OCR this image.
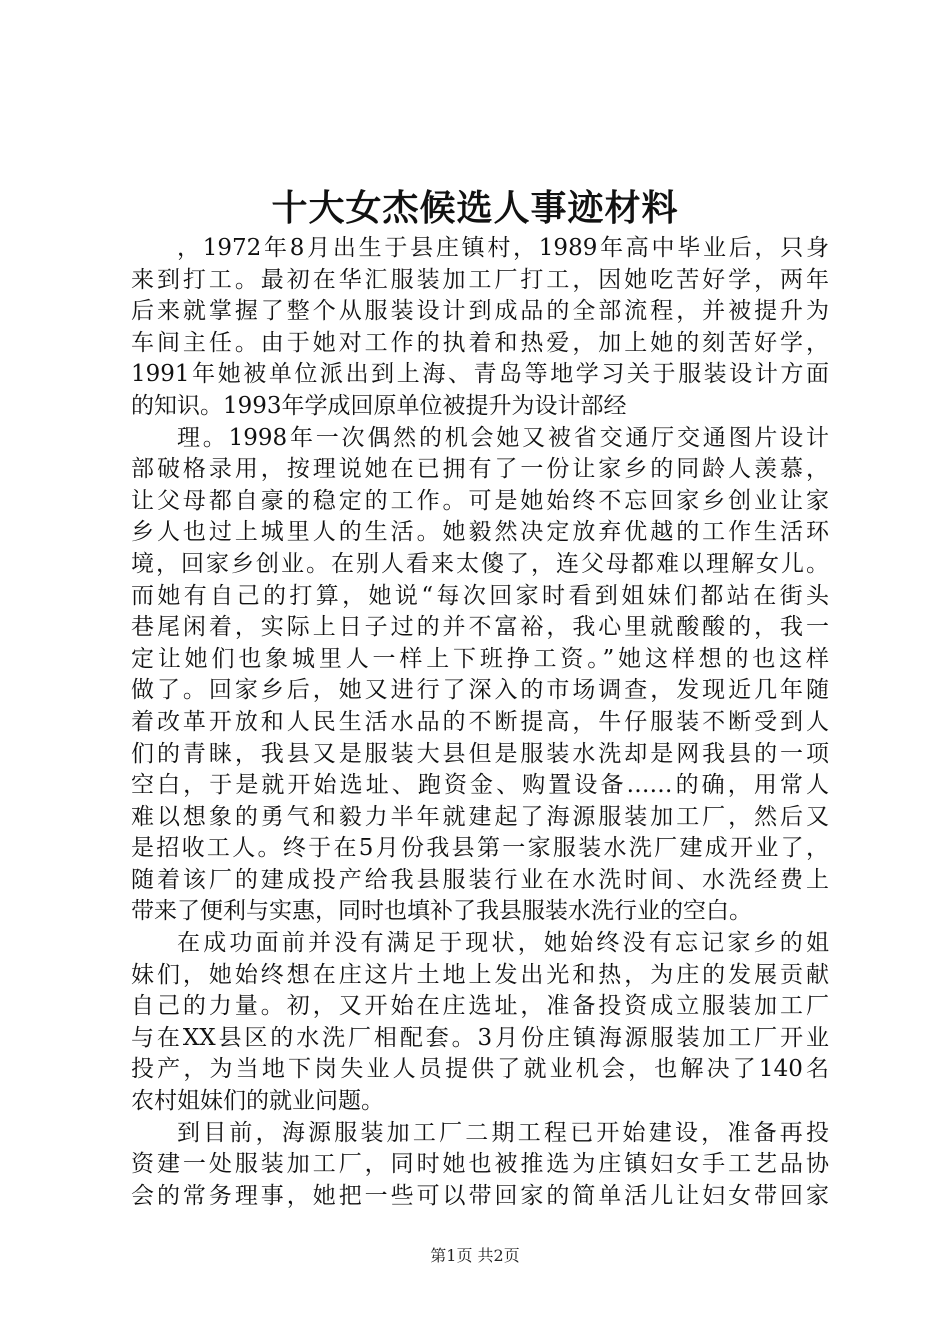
十大女杰候选人事迹材料
，1972年8月出生于县庄镇村，1989年高中毕业后，只身
来到打工。最初在华汇服装加工厂打工，因她吃苦好学，两年
后来就掌握了整个从服装设计到成品的全部流程，并被提升为
车间主任。由于她对工作的执着和热爱，加上她的刻苦好学，
1991年她被单位派出到上海、青岛等地学习关于服装设计方面
的知识。1993年学成回原单位被提升为设计部经
理。1998年一次偶然的机会她又被省交通厅交通图片设计
部破格录用，按理说她在已拥有了一份让家乡的同龄人羡慕，
让父母都自豪的稳定的工作。可是她始终不忘回家乡创业让家
乡人也过上城里人的生活。她毅然决定放弃优越的工作生活环
境，回家乡创业。在别人看来太傻了，连父母都难以理解女儿。
而她有自己的打算，她说“每次回家时看到姐妹们都站在街头
巷尾闲着，实际上日子过的并不富裕，我心里就酸酸的，我一
定让她们也象城里人一样上下班挣工资。”她这样想的也这样
做了。回家乡后，她又进行了深入的市场调查，发现近几年随
着改革开放和人民生活水品的不断提高，牛仔服装不断受到人
们的青睐，我县又是服装大县但是服装水洗却是网我县的一项
空白，于是就开始选址、跑资金、购置设备……的确，用常人
难以想象的勇气和毅力半年就建起了海源服装加工厂，然后又
是招收工人。终于在5月份我县第一家服装水洗厂建成开业了，
随着该厂的建成投产给我县服装行业在水洗时间、水洗经费上
带来了便利与实惠，同时也填补了我县服装水洗行业的空白。
在成功面前并没有满足于现状，她始终没有忘记家乡的姐
妹们，她始终想在庄这片土地上发出光和热，为庄的发展贡献
自己的力量。初，又开始在庄选址，准备投资成立服装加工厂
与在XX县区的水洗厂相配套。3月份庄镇海源服装加工厂开业
投产，为当地下岗失业人员提供了就业机会，也解决了140名
农村姐妹们的就业问题。
到目前，海源服装加工厂二期工程已开始建设，准备再投
资建一处服装加工厂，同时她也被推选为庄镇妇女手工艺品协
会的常务理事，她把一些可以带回家的简单活儿让妇女带回家
第1页 共2页
